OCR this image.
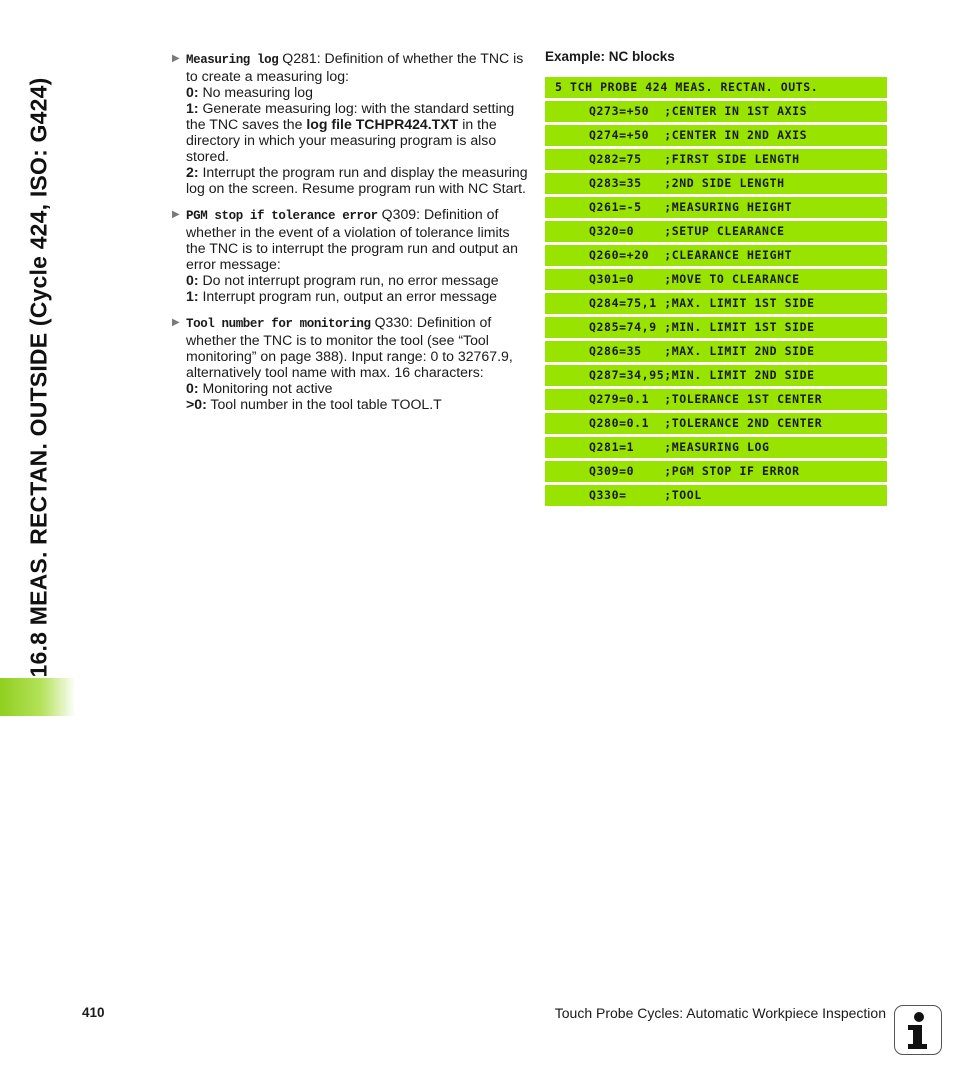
16.8 MEAS. RECTAN. OUTSIDE (Cycle 424, ISO: G424)
▶ Measuring log Q281: Definition of whether the TNC is to create a measuring log:

0: No measuring log

1: Generate measuring log: with the standard setting the TNC saves the log file TCHPR424.TXT in the directory in which your measuring program is also stored.

2: Interrupt the program run and display the measuring log on the screen. Resume program run with NC Start.

▶ PGM stop if tolerance error Q309: Definition of whether in the event of a violation of tolerance limits the TNC is to interrupt the program run and output an error message:

0: Do not interrupt program run, no error message

1: Interrupt program run, output an error message

▶ Tool number for monitoring Q330: Definition of whether the TNC is to monitor the tool (see “Tool monitoring” on page 388). Input range: 0 to 32767.9, alternatively tool name with max. 16 characters:

0: Monitoring not active

>0: Tool number in the tool table TOOL.T

Example: NC blocks
5 TCH PROBE 424 MEAS. RECTAN. OUTS.
Q273=+50  ;CENTER IN 1ST AXIS
Q274=+50  ;CENTER IN 2ND AXIS
Q282=75   ;FIRST SIDE LENGTH
Q283=35   ;2ND SIDE LENGTH
Q261=-5   ;MEASURING HEIGHT
Q320=0    ;SETUP CLEARANCE
Q260=+20  ;CLEARANCE HEIGHT
Q301=0    ;MOVE TO CLEARANCE
Q284=75,1 ;MAX. LIMIT 1ST SIDE
Q285=74,9 ;MIN. LIMIT 1ST SIDE
Q286=35   ;MAX. LIMIT 2ND SIDE
Q287=34,95;MIN. LIMIT 2ND SIDE
Q279=0.1  ;TOLERANCE 1ST CENTER
Q280=0.1  ;TOLERANCE 2ND CENTER
Q281=1    ;MEASURING LOG
Q309=0    ;PGM STOP IF ERROR
Q330=     ;TOOL
410	Touch Probe Cycles: Automatic Workpiece Inspection
